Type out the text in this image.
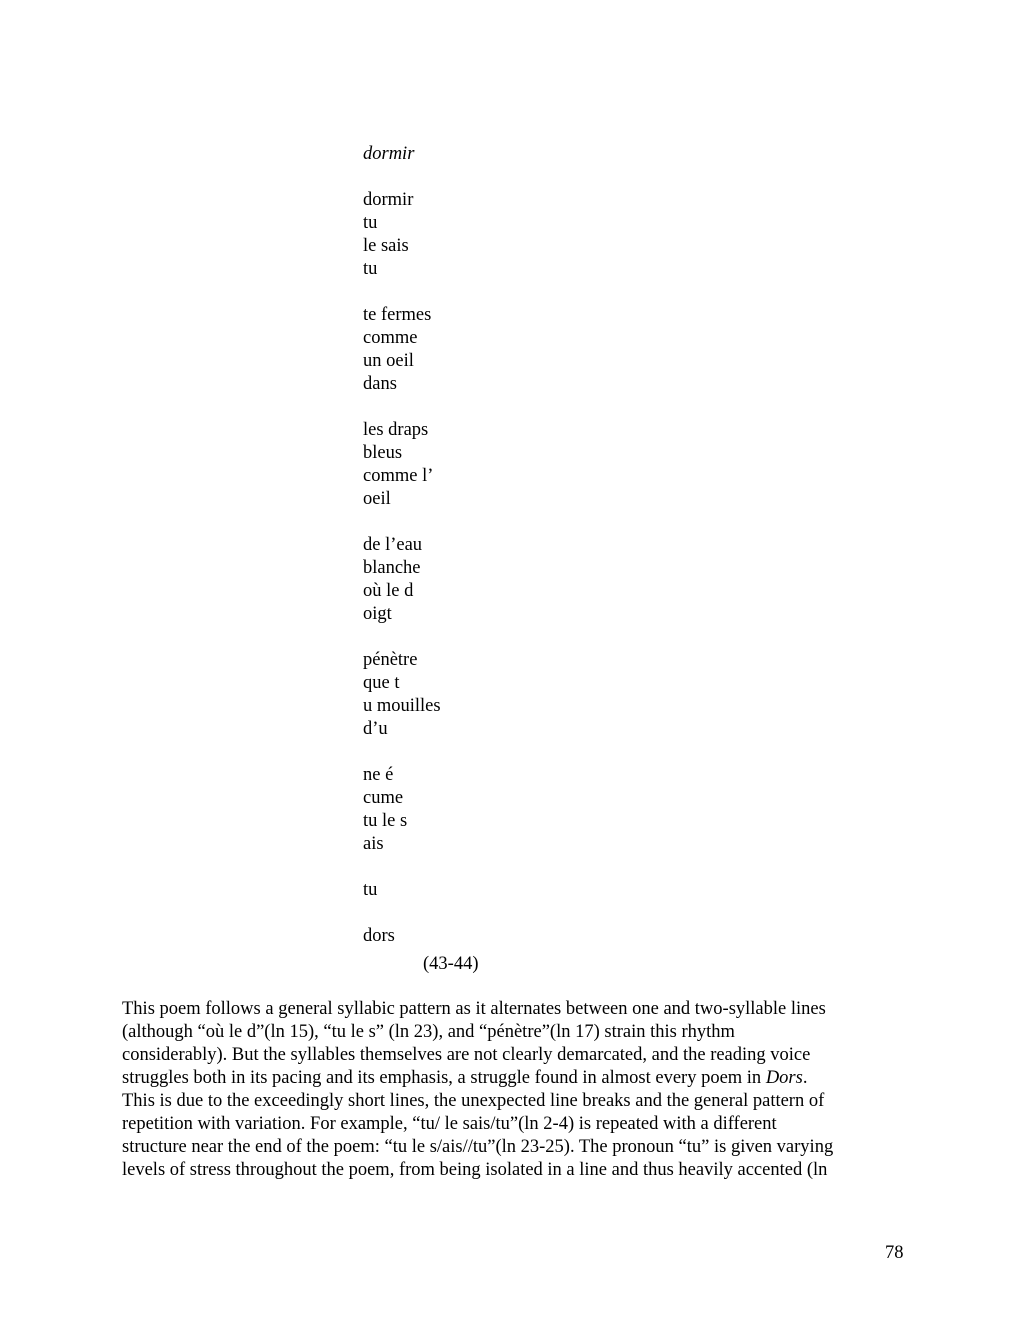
dormir
dormir
tu
le sais
tu
te fermes
comme
un oeil
dans
les draps
bleus
comme l’
oeil
de l’eau
blanche
où le d
oigt
pénètre
que t
u mouilles
d’u
ne é
cume
tu le s
ais
tu
dors
(43-44)
This poem follows a general syllabic pattern as it alternates between one and two-syllable lines
(although “où le d”(ln 15), “tu le s” (ln 23), and “pénètre”(ln 17) strain this rhythm
considerably). But the syllables themselves are not clearly demarcated, and the reading voice
struggles both in its pacing and its emphasis, a struggle found in almost every poem in Dors.
This is due to the exceedingly short lines, the unexpected line breaks and the general pattern of
repetition with variation. For example, “tu/ le sais/tu”(ln 2-4) is repeated with a different
structure near the end of the poem: “tu le s/ais//tu”(ln 23-25). The pronoun “tu” is given varying
levels of stress throughout the poem, from being isolated in a line and thus heavily accented (ln
78
